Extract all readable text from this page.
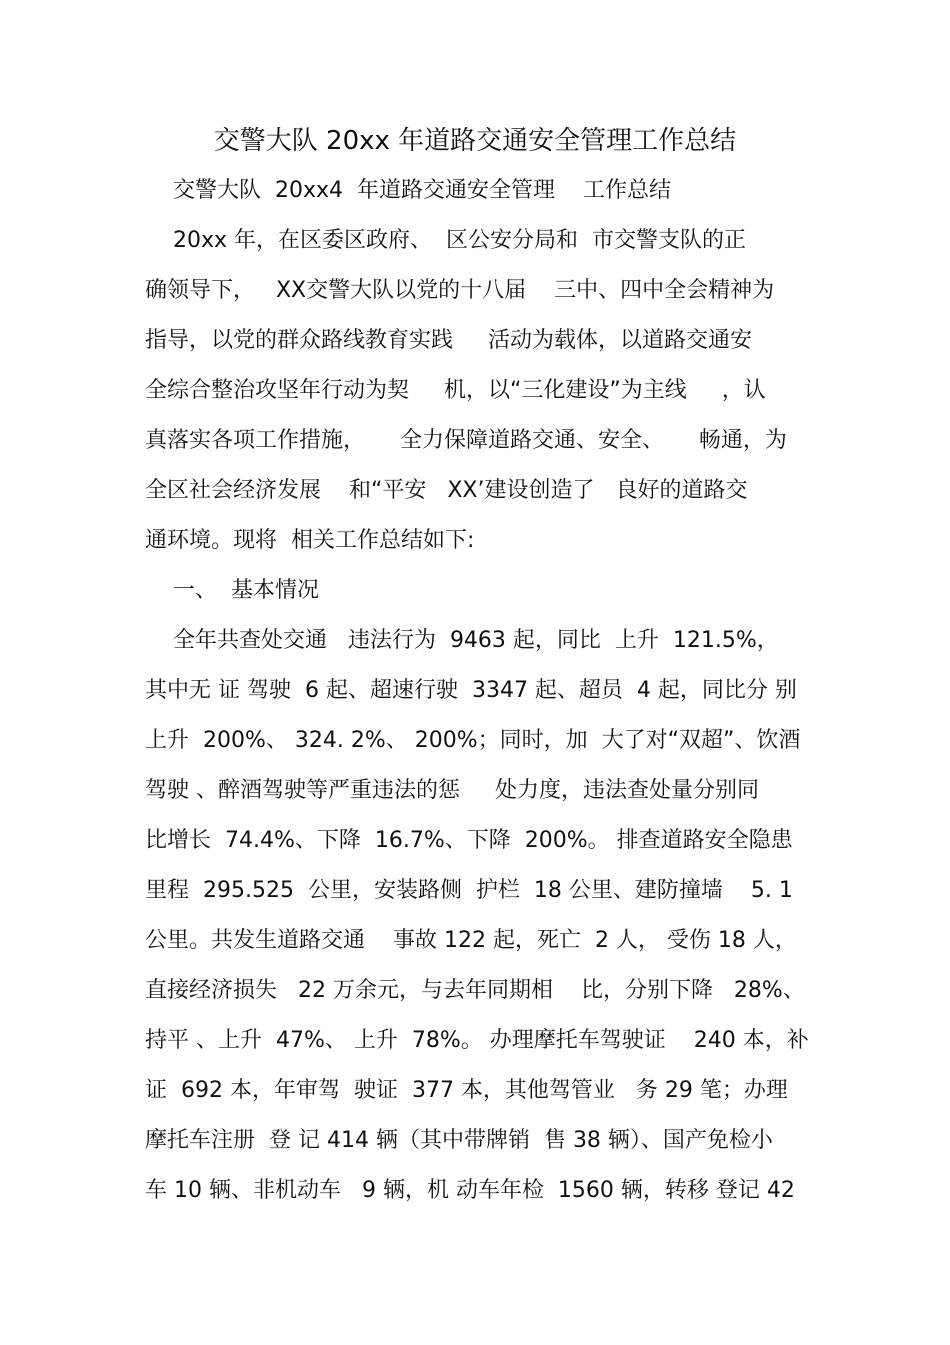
交警大队 20xx 年道路交通安全管理工作总结
交警大队  20xx4  年道路交通安全管理    工作总结
20xx 年，在区委区政府、  区公安分局和  市交警支队的正
确领导下，   XX交警大队以党的十八届    三中、四中全会精神为
指导，以党的群众路线教育实践     活动为载体，以道路交通安
全综合整治攻坚年行动为契     机，以“三化建设”为主线     ，认
真落实各项工作措施，     全力保障道路交通、安全、     畅通，为
全区社会经济发展    和“平安   XX’建设创造了   良好的道路交
通环境。现将  相关工作总结如下:
一、  基本情况
全年共查处交通   违法行为  9463 起，同比  上升  121.5%，
其中无 证 驾驶  6 起、超速行驶  3347 起、超员  4 起，同比分 别
上升  200%、 324. 2%、 200%；同时，加  大了对“双超”、饮酒
驾驶 、醉酒驾驶等严重违法的惩     处力度，违法查处量分别同
比增长  74.4%、下降  16.7%、下降  200%。 排查道路安全隐患
里程  295.525  公里，安装路侧  护栏  18 公里、建防撞墙    5. 1
公里。共发生道路交通    事故 122 起，死亡  2 人， 受伤 18 人，
直接经济损失   22 万余元，与去年同期相    比，分别下降   28%、
持平 、上升  47%、 上升  78%。 办理摩托车驾驶证    240 本，补
证  692 本，年审驾  驶证  377 本，其他驾管业   务 29 笔；办理
摩托车注册  登 记 414 辆（其中带牌销  售 38 辆）、国产免检小
车 10 辆、非机动车   9 辆，机 动车年检  1560 辆，转移 登记 42
